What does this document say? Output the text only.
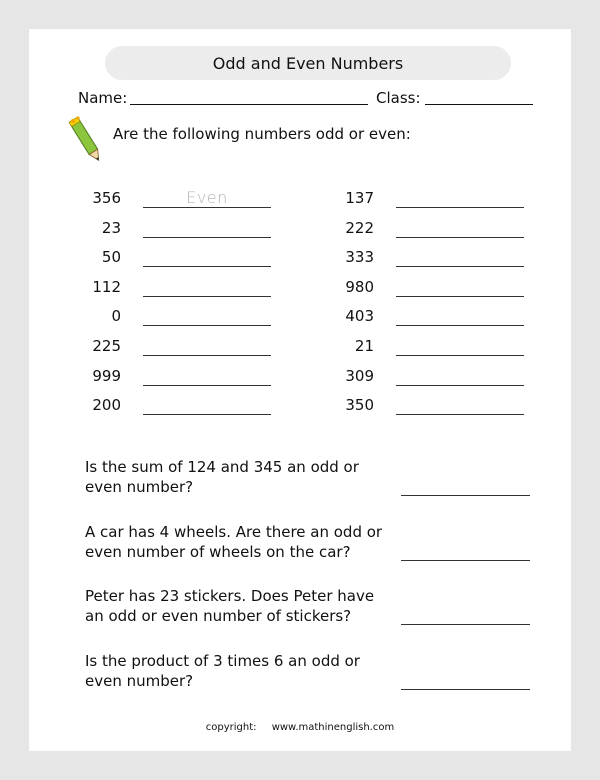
Odd and Even Numbers
Name:	Class:
Are the following numbers odd or even:
356	Even
23
50
112
0
225
999
200
137
222
333
980
403
21
309
350
Is the sum of 124 and 345 an odd or
even number?
A car has 4 wheels. Are there an odd or
even number of wheels on the car?
Peter has 23 stickers. Does Peter have
an odd or even number of stickers?
Is the product of 3 times 6 an odd or
even number?
copyright: www.mathinenglish.com
